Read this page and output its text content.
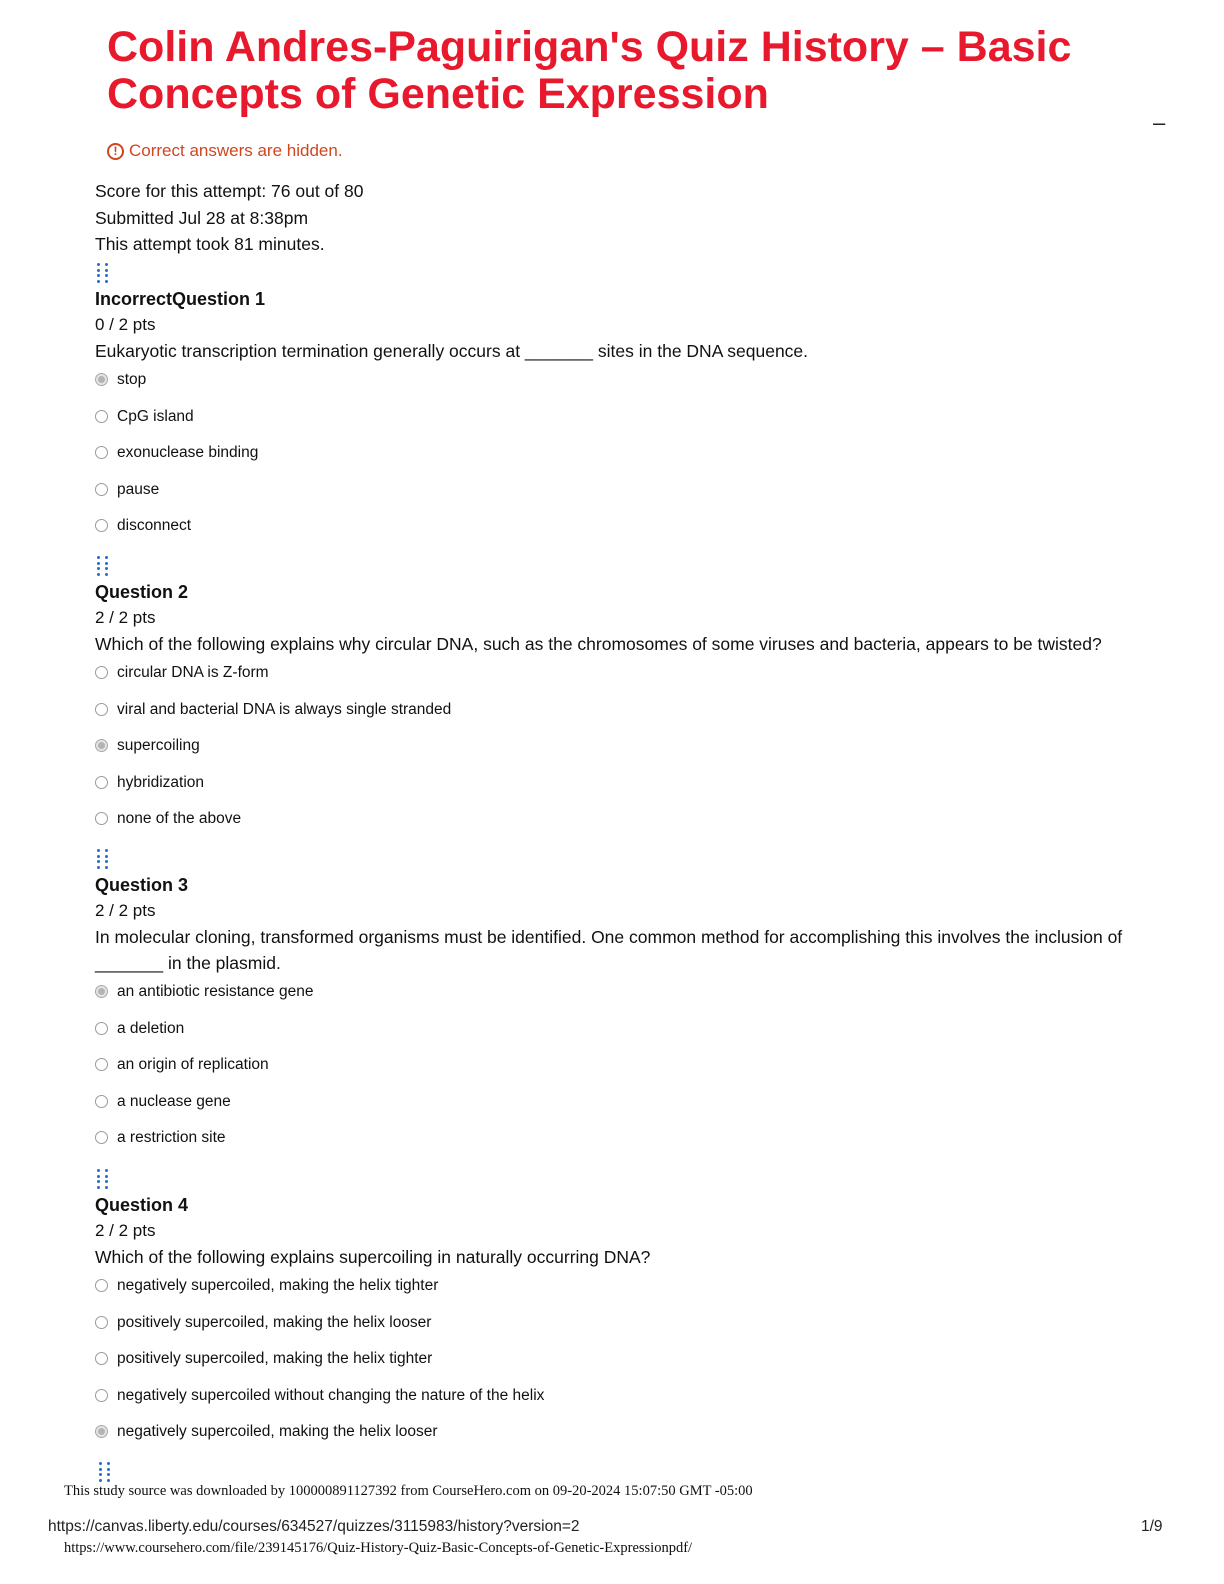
Colin Andres-Paguirigan's Quiz History – Basic Concepts of Genetic Expression
–
! Correct answers are hidden.
Score for this attempt: 76 out of 80
Submitted Jul 28 at 8:38pm
This attempt took 81 minutes.
IncorrectQuestion 1
0 / 2 pts
Eukaryotic transcription termination generally occurs at _______ sites in the DNA sequence.
stop
CpG island
exonuclease binding
pause
disconnect
Question 2
2 / 2 pts
Which of the following explains why circular DNA, such as the chromosomes of some viruses and bacteria, appears to be twisted?
circular DNA is Z-form
viral and bacterial DNA is always single stranded
supercoiling
hybridization
none of the above
Question 3
2 / 2 pts
In molecular cloning, transformed organisms must be identified. One common method for accomplishing this involves the inclusion of _______ in the plasmid.
an antibiotic resistance gene
a deletion
an origin of replication
a nuclease gene
a restriction site
Question 4
2 / 2 pts
Which of the following explains supercoiling in naturally occurring DNA?
negatively supercoiled, making the helix tighter
positively supercoiled, making the helix looser
positively supercoiled, making the helix tighter
negatively supercoiled without changing the nature of the helix
negatively supercoiled, making the helix looser
This study source was downloaded by 100000891127392 from CourseHero.com on 09-20-2024 15:07:50 GMT -05:00
https://canvas.liberty.edu/courses/634527/quizzes/3115983/history?version=2	1/9
https://www.coursehero.com/file/239145176/Quiz-History-Quiz-Basic-Concepts-of-Genetic-Expressionpdf/
